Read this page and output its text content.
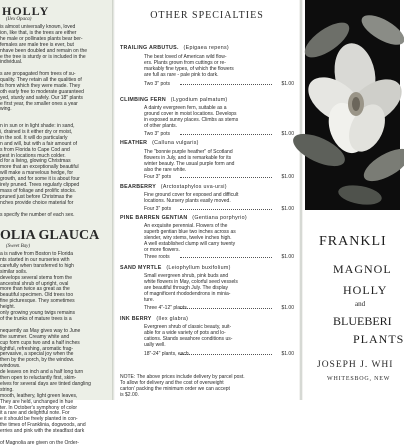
HOLLY
(Ilex Opaca)
is almost universally known, loved
ion, like that, is the trees are either
he male or pollinates plants bear ber-
females are male tree is ever, but
nhave been doubled and remain on the
e the tree is sturdy or is included in the
individual.
s are propagated from trees of su-
quality. They retain all the qualities of
ts from which they were made. They
oth early free to moderate guaranteed
yed, sturdy and safely. Our 18" plants
e first year, the smaller ones a year
wing.
n in sun or in light shade: in sand,
i, drained is it either dry or moist,
in the soil. It will do particularly
n and will, but with a fair amount of
s from Florida to Cape Cod and
pest in locations much colder.
d for a living, glowing Christmas
more that an exceptionally beautiful
will make a marvelous hedge, for
growth, and for some it is about four
irely pruned. Trees regularly clipped
mass of foliage and prolific stocks.
pruned just before Christmas the
nches provide choice material for

s specify the number of each sex.
OLIA GLAUCA
(Sweet Bay)
a is native from Boston to Florida
nts started in our nurseries with
carefully when transferred to high
similar soils.
develops several stems from the
ancestral shrub of upright, oval
more than twice as great as the
beautiful specimen. Old trees too
fine picturesque. They sometimes
height.
only growing young twigs remains
of the trunks of mature trees is a

nequently as May gives way to June
the summer. Creamy white and
cup form cups two and a half inches
lightful, refreshing, aromatic frag-
pervasive, a special joy when the
then by the porch, by the window.
windows.
de leaves on inch and a half long turn
then open to reluctantly first, skim-
elves for several days are tinted dangling
string.
mooth, leathery, light green leaves,
They are held, unchanged in hue
ter. In October's symphony of color
it a rare and delightful note. For
e it should be freely planted in con-
the times of Franklinia, dogwoods, and
erries and pink with the steadfast dark

of Magnolia are given on the Order-
OTHER SPECIALTIES
TRAILING ARBUTUS. (Epigaea repens)
The best loved of American wild flow-
ers. Plants grown from cuttings or re-
markably fine types, of which the flowers
are full as rare - pale pink to dark.
Two 3" pots	$1.00
CLIMBING FERN (Lygodium palmatum)
A dainty evergreen fern, suitable as a
ground cover in moist locations. Develops
in exposed sunny places. Climbs as stems
of other plants.
Two 3" pots	$1.00
HEATHER (Calluna vulgaris)
The "bonnie purple heather" of Scotland
flowers in July, and is remarkable for its
winter beauty. The usual purple form and
also the rare white.
Four 3" pots	$1.00
BEARBERRY (Arctostaphylos uva-ursi)
Fine ground cover for exposed and difficult
locations. Nursery plants easily moved.
Four 3" pots	$1.00
PINE BARREN GENTIAN (Gentiana porphyrio)
An exquisite perennial. Flowers of the
superb gentian blue two inches across as
slender, wiry stems, twelve inches high.
A well established clump will carry twenty
or more flowers.
Three roots	$1.00
SAND MYRTLE (Leiophyllum buxifolium)
Small evergreen shrub, pink buds and
white flowers in May, colorful seed vessels
are beautiful through July. The display
of magnificent rhododendrons in minia-
ture.
Three 4"-12" plants	$1.00
INK BERRY (Ilex glabra)
Evergreen shrub of classic beauty, suit-
able for a wide variety of pots and lo-
cations. Stands seashore conditions us-
ually well.
18"-24" plants, each	$1.00
NOTE: The above prices include delivery by parcel post.
To allow for delivery and the cost of overweight
carton' packing the minimum order we can accept
is $2.00.
FRANKLI
MAGNOL
HOLLY
and
BLUEBERI
PLANTS
JOSEPH J. WHI
WHITESBOG, NEW
